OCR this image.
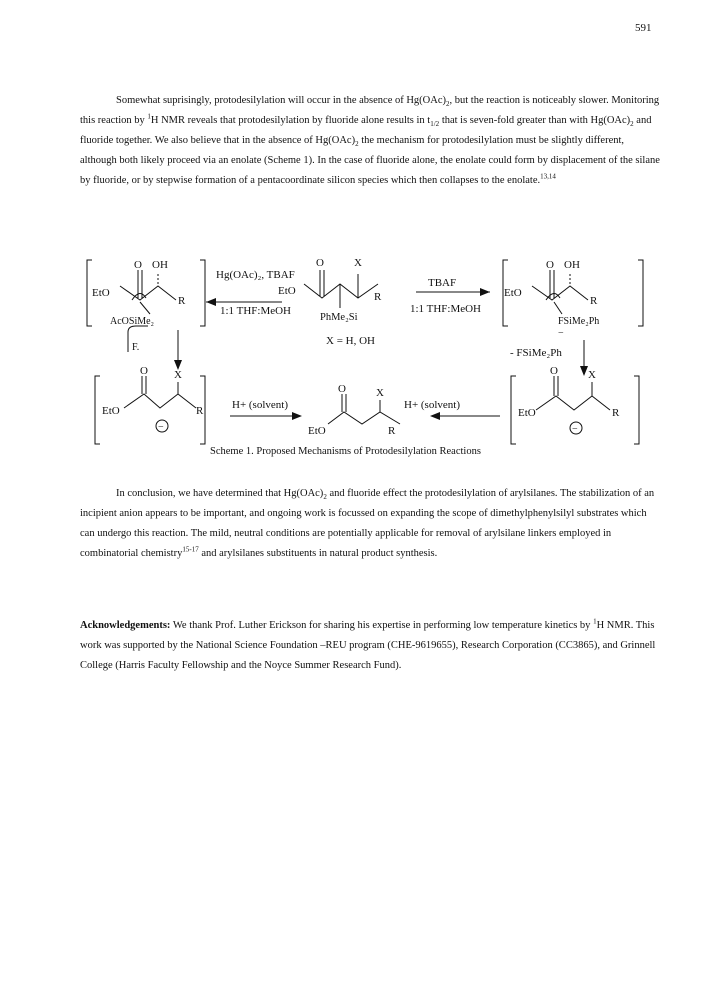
591

Somewhat suprisingly, protodesilylation will occur in the absence of $Hg(OAc)_2$, but the reaction is noticeably slower. Monitoring this reaction by $^1$H NMR reveals that protodesilylation by fluoride alone results in $t_{1/2}$ that is seven-fold greater than with $Hg(OAc)_2$ and fluoride together. We also believe that in the absence of $Hg(OAc)_2$ the mechanism for protodesilylation must be slightly different, although both likely proceed via an enolate (Scheme 1). In the case of fluoride alone, the enolate could form by displacement of the silane by fluoride, or by stepwise formation of a pentacoordinate silicon species which then collapses to the enolate.$^{13,14}$

O OH
EtO
R
AcOSiMe₂
Hg(OAc)₂, TBAF
1:1 THF:MeOH
O	X
EtO	R
PhMe₂Si
X = H, OH
TBAF
1:1 THF:MeOH
O OH
EtO
R
FSiMe₂Ph
−
F.	- FSiMe₂Ph
O X
EtO	R
−
H+ (solvent)	H+ (solvent)
O	X
EtO	R
O	X
EtO	R
−
Scheme 1. Proposed Mechanisms of Protodesilylation Reactions

In conclusion, we have determined that $Hg(OAc)_2$ and fluoride effect the protodesilylation of arylsilanes. The stabilization of an incipient anion appears to be important, and ongoing work is focussed on expanding the scope of dimethylphenylsilyl substrates which can undergo this reaction. The mild, neutral conditions are potentially applicable for removal of arylsilane linkers employed in combinatorial chemistry$^{15-17}$ and arylsilanes substituents in natural product synthesis.

Acknowledgements: We thank Prof. Luther Erickson for sharing his expertise in performing low temperature kinetics by $^1$H NMR. This work was supported by the National Science Foundation –REU program (CHE-9619655), Research Corporation (CC3865), and Grinnell College (Harris Faculty Fellowship and the Noyce Summer Research Fund).
